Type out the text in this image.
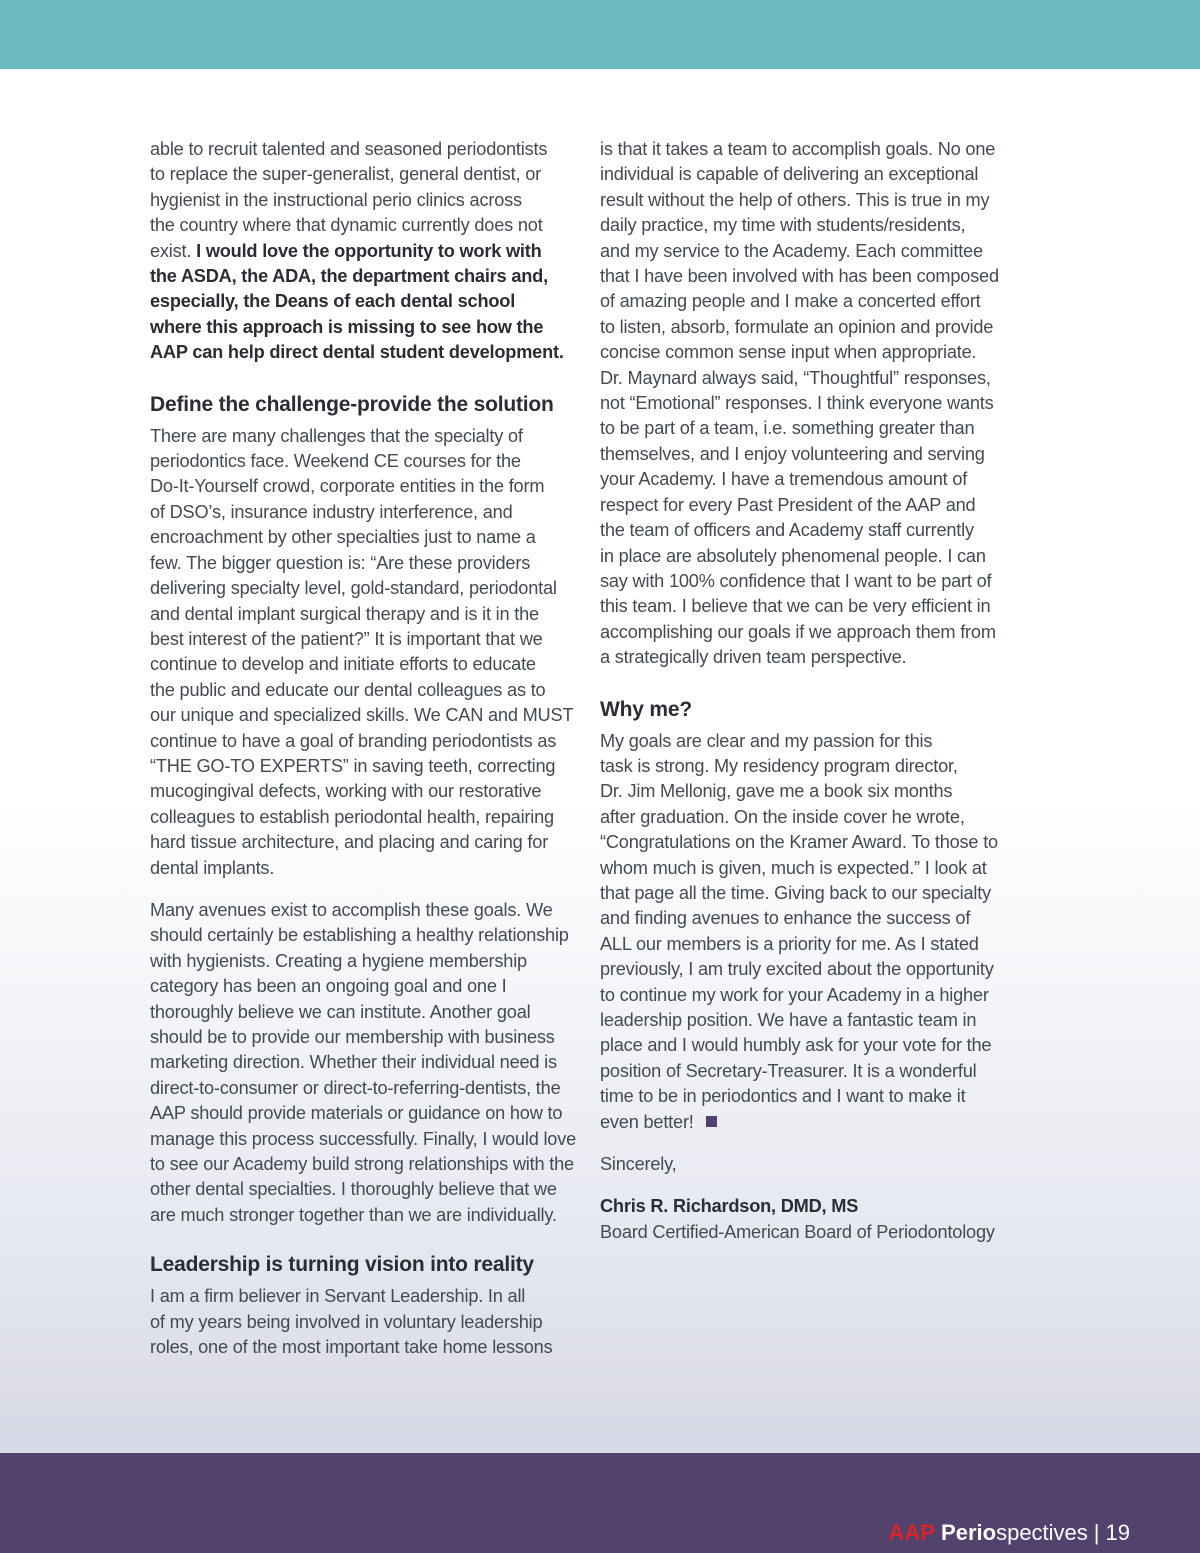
able to recruit talented and seasoned periodontists
to replace the super-generalist, general dentist, or
hygienist in the instructional perio clinics across
the country where that dynamic currently does not
exist. I would love the opportunity to work with
the ASDA, the ADA, the department chairs and,
especially, the Deans of each dental school
where this approach is missing to see how the
AAP can help direct dental student development.
Define the challenge-provide the solution
There are many challenges that the specialty of
periodontics face. Weekend CE courses for the
Do-It-Yourself crowd, corporate entities in the form
of DSO’s, insurance industry interference, and
encroachment by other specialties just to name a
few. The bigger question is: “Are these providers
delivering specialty level, gold-standard, periodontal
and dental implant surgical therapy and is it in the
best interest of the patient?” It is important that we
continue to develop and initiate efforts to educate
the public and educate our dental colleagues as to
our unique and specialized skills. We CAN and MUST
continue to have a goal of branding periodontists as
“THE GO-TO EXPERTS” in saving teeth, correcting
mucogingival defects, working with our restorative
colleagues to establish periodontal health, repairing
hard tissue architecture, and placing and caring for
dental implants.
Many avenues exist to accomplish these goals. We
should certainly be establishing a healthy relationship
with hygienists. Creating a hygiene membership
category has been an ongoing goal and one I
thoroughly believe we can institute. Another goal
should be to provide our membership with business
marketing direction. Whether their individual need is
direct-to-consumer or direct-to-referring-dentists, the
AAP should provide materials or guidance on how to
manage this process successfully. Finally, I would love
to see our Academy build strong relationships with the
other dental specialties. I thoroughly believe that we
are much stronger together than we are individually.
Leadership is turning vision into reality
I am a firm believer in Servant Leadership. In all
of my years being involved in voluntary leadership
roles, one of the most important take home lessons
is that it takes a team to accomplish goals. No one
individual is capable of delivering an exceptional
result without the help of others. This is true in my
daily practice, my time with students/residents,
and my service to the Academy. Each committee
that I have been involved with has been composed
of amazing people and I make a concerted effort
to listen, absorb, formulate an opinion and provide
concise common sense input when appropriate.
Dr. Maynard always said, “Thoughtful” responses,
not “Emotional” responses. I think everyone wants
to be part of a team, i.e. something greater than
themselves, and I enjoy volunteering and serving
your Academy. I have a tremendous amount of
respect for every Past President of the AAP and
the team of officers and Academy staff currently
in place are absolutely phenomenal people. I can
say with 100% confidence that I want to be part of
this team. I believe that we can be very efficient in
accomplishing our goals if we approach them from
a strategically driven team perspective.
Why me?
My goals are clear and my passion for this
task is strong. My residency program director,
Dr. Jim Mellonig, gave me a book six months
after graduation. On the inside cover he wrote,
“Congratulations on the Kramer Award. To those to
whom much is given, much is expected.” I look at
that page all the time. Giving back to our specialty
and finding avenues to enhance the success of
ALL our members is a priority for me. As I stated
previously, I am truly excited about the opportunity
to continue my work for your Academy in a higher
leadership position. We have a fantastic team in
place and I would humbly ask for your vote for the
position of Secretary-Treasurer. It is a wonderful
time to be in periodontics and I want to make it
even better!
Sincerely,
Chris R. Richardson, DMD, MS
Board Certified-American Board of Periodontology
AAP Periospectives | 19
